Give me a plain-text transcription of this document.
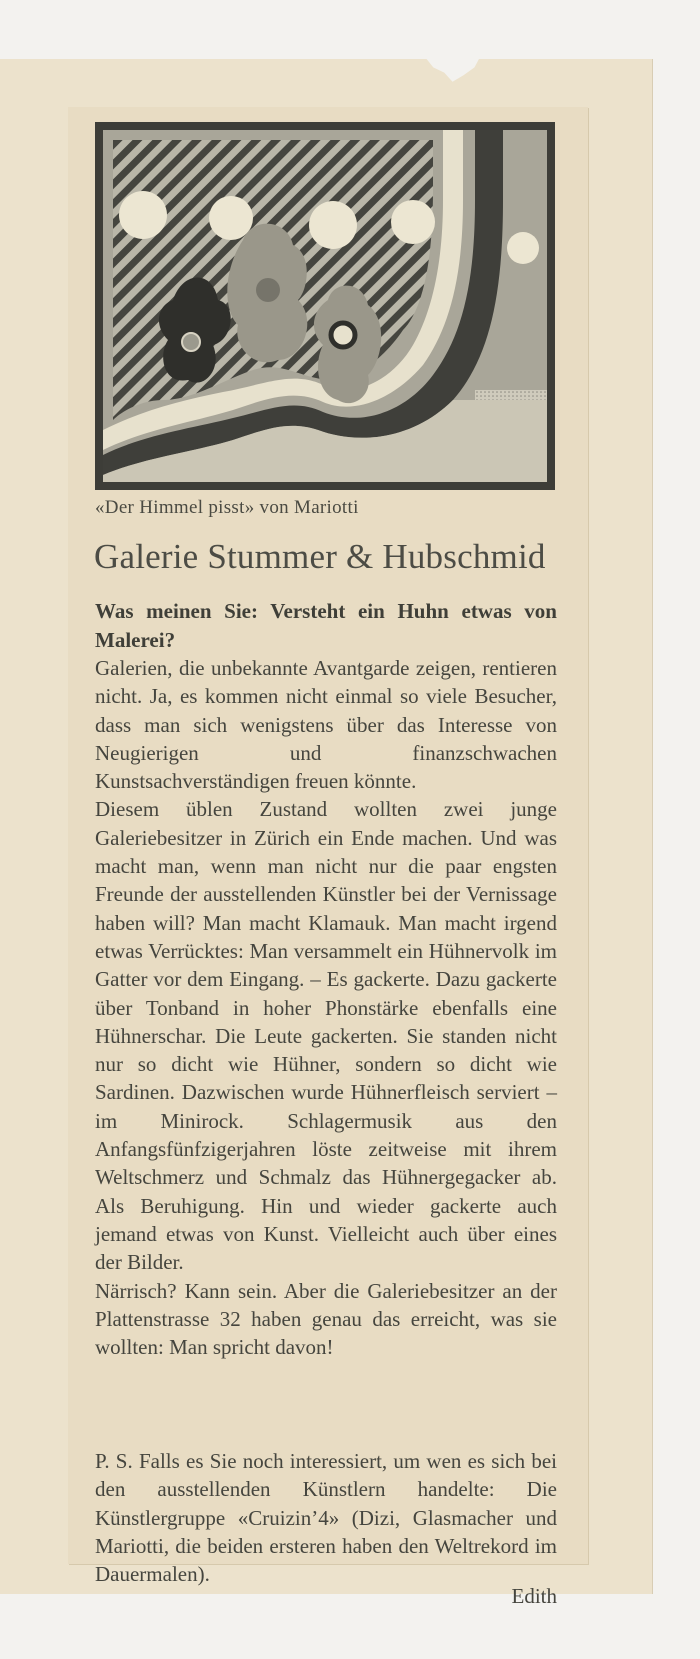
«Der Himmel pisst» von Mariotti
Galerie Stummer & Hubschmid
Was meinen Sie: Versteht ein Huhn etwas von Malerei?

Galerien, die unbekannte Avantgarde zeigen, rentieren nicht. Ja, es kommen nicht einmal so viele Besucher, dass man sich wenigstens über das Interesse von Neugierigen und finanzschwachen Kunstsachverständigen freuen könnte.

Diesem üblen Zustand wollten zwei junge Galeriebesitzer in Zürich ein Ende machen. Und was macht man, wenn man nicht nur die paar engsten Freunde der ausstellenden Künstler bei der Vernissage haben will? Man macht Klamauk. Man macht irgend etwas Verrücktes: Man versammelt ein Hühnervolk im Gatter vor dem Eingang. – Es gackerte. Dazu gackerte über Tonband in hoher Phonstärke ebenfalls eine Hühnerschar. Die Leute gackerten. Sie standen nicht nur so dicht wie Hühner, sondern so dicht wie Sardinen. Dazwischen wurde Hühnerfleisch serviert – im Minirock. Schlagermusik aus den Anfangsfünfzigerjahren löste zeitweise mit ihrem Weltschmerz und Schmalz das Hühnergegacker ab. Als Beruhigung. Hin und wieder gackerte auch jemand etwas von Kunst. Vielleicht auch über eines der Bilder.

Närrisch? Kann sein. Aber die Galeriebesitzer an der Plattenstrasse 32 haben genau das erreicht, was sie wollten: Man spricht davon!

P. S. Falls es Sie noch interessiert, um wen es sich bei den ausstellenden Künstlern handelte: Die Künstlergruppe «Cruizin’4» (Dizi, Glasmacher und Mariotti, die beiden ersteren haben den Weltrekord im Dauermalen).

Edith
